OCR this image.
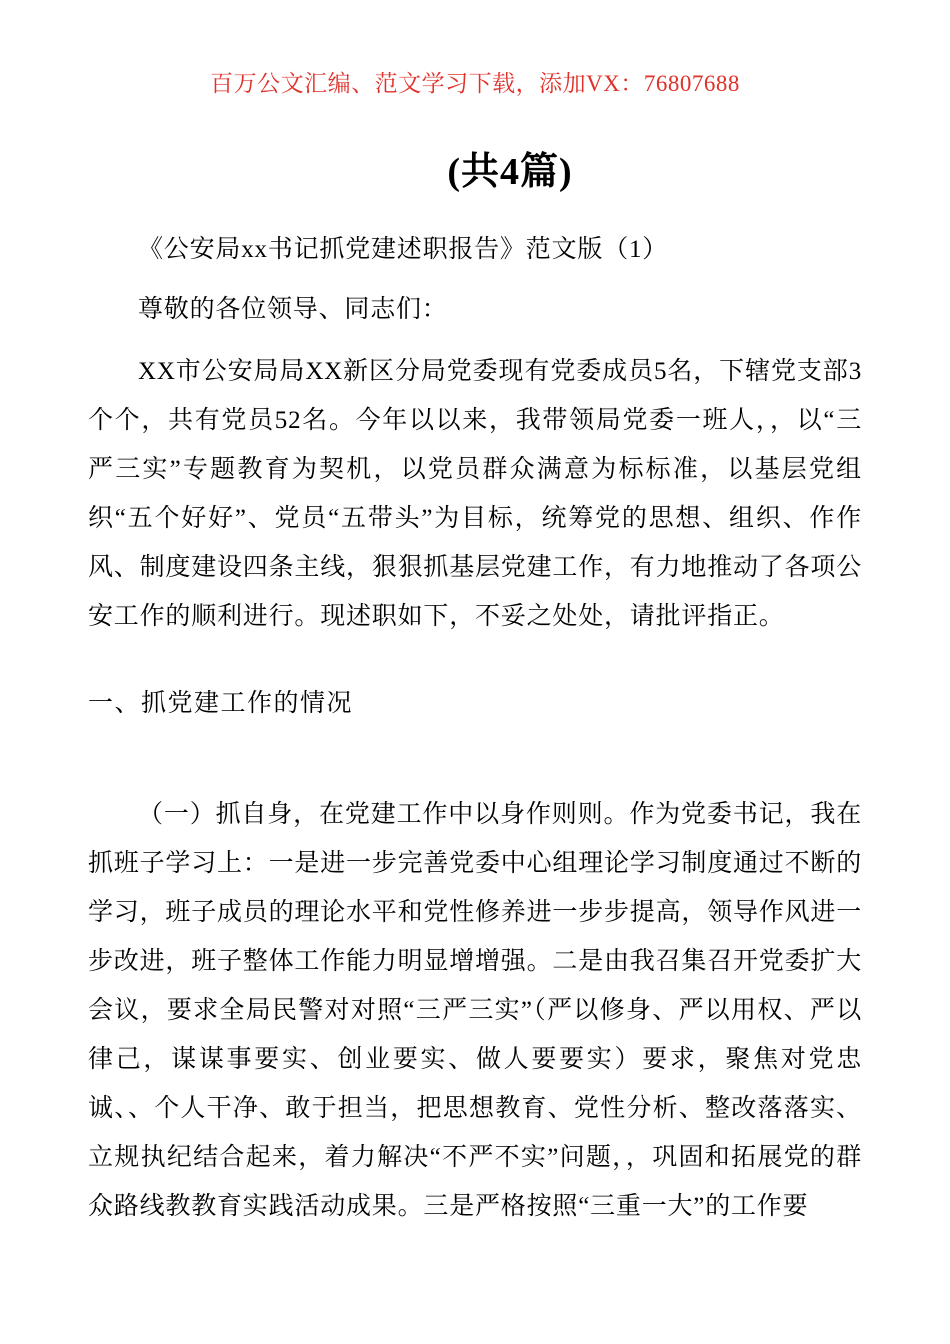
百万公文汇编、范文学习下载，添加VX：76807688
(共4篇)

《公安局xx书记抓党建述职报告》范文版（1）

尊敬的各位领导、同志们：

XX市公安局局XX新区分局党委现有党委成员5名，下辖党支部3个个，共有党员52名。今年以以来，我带领局党委一班人，，以“三严三实”专题教育为契机，以党员群众满意为标标准，以基层党组织“五个好好”、党员“五带头”为目标，统筹党的思想、组织、作作风、制度建设四条主线，狠狠抓基层党建工作，有力地推动了各项公安工作的顺利进行。现述职如下，不妥之处处，请批评指正。

一、抓党建工作的情况

（一）抓自身，在党建工作中以身作则则。作为党委书记，我在抓班子学习上：一是进一步完善党委中心组理论学习制度通过不断的学习，班子成员的理论水平和党性修养进一步步提高，领导作风进一步改进，班子整体工作能力明显增增强。二是由我召集召开党委扩大会议，要求全局民警对对照“三严三实”（严以修身、严以用权、严以律己，谋谋事要实、创业要实、做人要要实）要求，聚焦对党忠诚、、个人干净、敢于担当，把思想教育、党性分析、整改落落实、立规执纪结合起来，着力解决“不严不实”问题，，巩固和拓展党的群众路线教教育实践活动成果。三是严格按照“三重一大”的工作要
